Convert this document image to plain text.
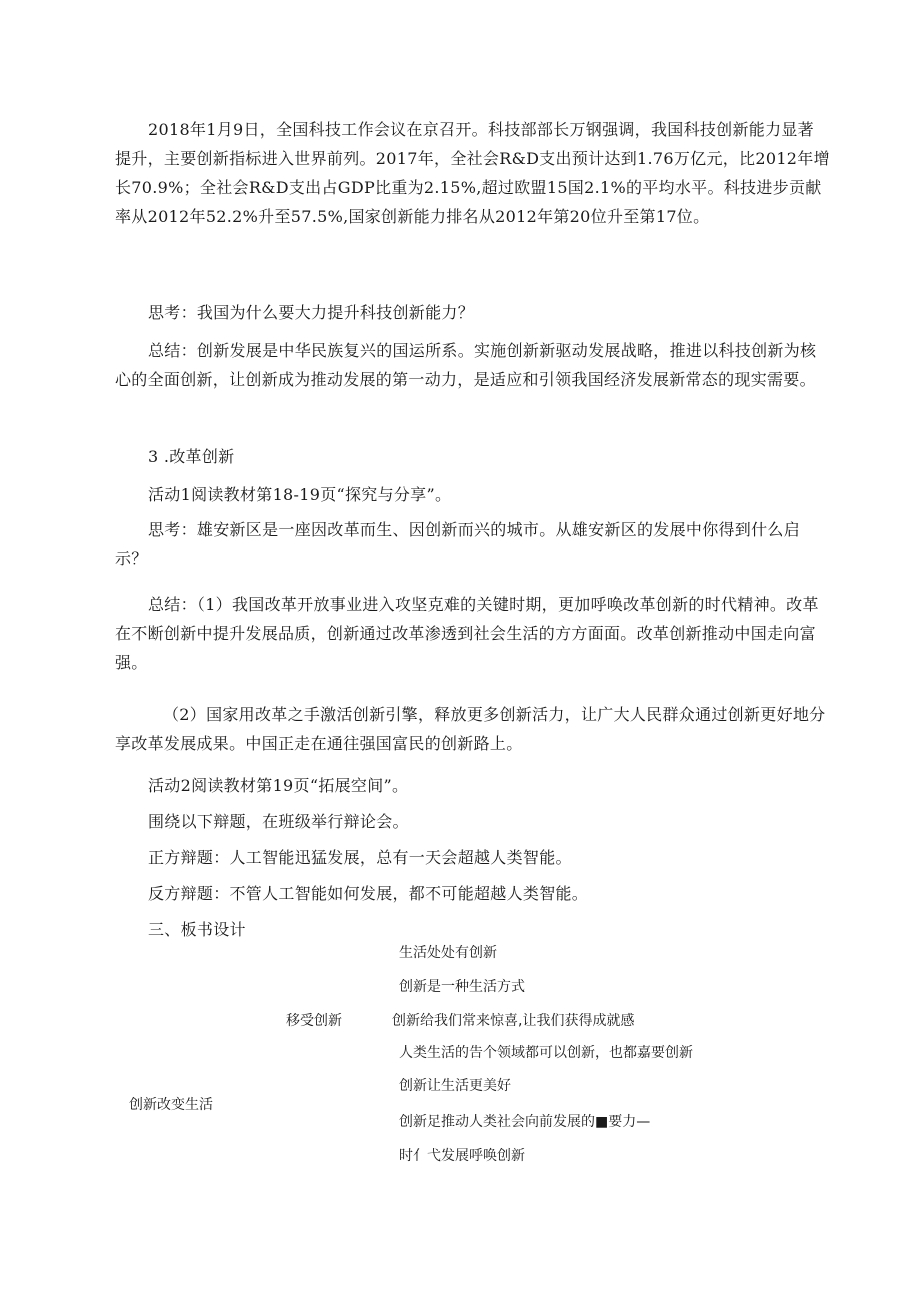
2018年1月9日，全国科技工作会议在京召开。科技部部长万钢强调，我国科技创新能力显著提升，主要创新指标进入世界前列。2017年，全社会R&D支出预计达到1.76万亿元，比2012年增长70.9%；全社会R&D支出占GDP比重为2.15%,超过欧盟15国2.1%的平均水平。科技进步贡献率从2012年52.2%升至57.5%,国家创新能力排名从2012年第20位升至第17位。

思考：我国为什么要大力提升科技创新能力？

总结：创新发展是中华民族复兴的国运所系。实施创新新驱动发展战略，推进以科技创新为核心的全面创新，让创新成为推动发展的第一动力，是适应和引领我国经济发展新常态的现实需要。

3 .改革创新

活动1阅读教材第18-19页“探究与分享”。

思考：雄安新区是一座因改革而生、因创新而兴的城市。从雄安新区的发展中你得到什么启示？

总结：（1）我国改革开放事业进入攻坚克难的关键时期，更加呼唤改革创新的时代精神。改革在不断创新中提升发展品质，创新通过改革渗透到社会生活的方方面面。改革创新推动中国走向富强。

（2）国家用改革之手激活创新引擎，释放更多创新活力，让广大人民群众通过创新更好地分享改革发展成果。中国正走在通往强国富民的创新路上。

活动2阅读教材第19页“拓展空间”。

围绕以下辩题，在班级举行辩论会。

正方辩题：人工智能迅猛发展，总有一天会超越人类智能。

反方辩题：不管人工智能如何发展，都不可能超越人类智能。

三、板书设计

创新改变生活
移受创新
生活处处有创新
创新是一种生活方式
创新给我们常来惊喜,让我们获得成就感
人类生活的告个领域都可以创新，也都嘉要创新
创新让生活更美好
创新足推动人类社会向前发展的■要力—
时亻弋发展呼唤创新
